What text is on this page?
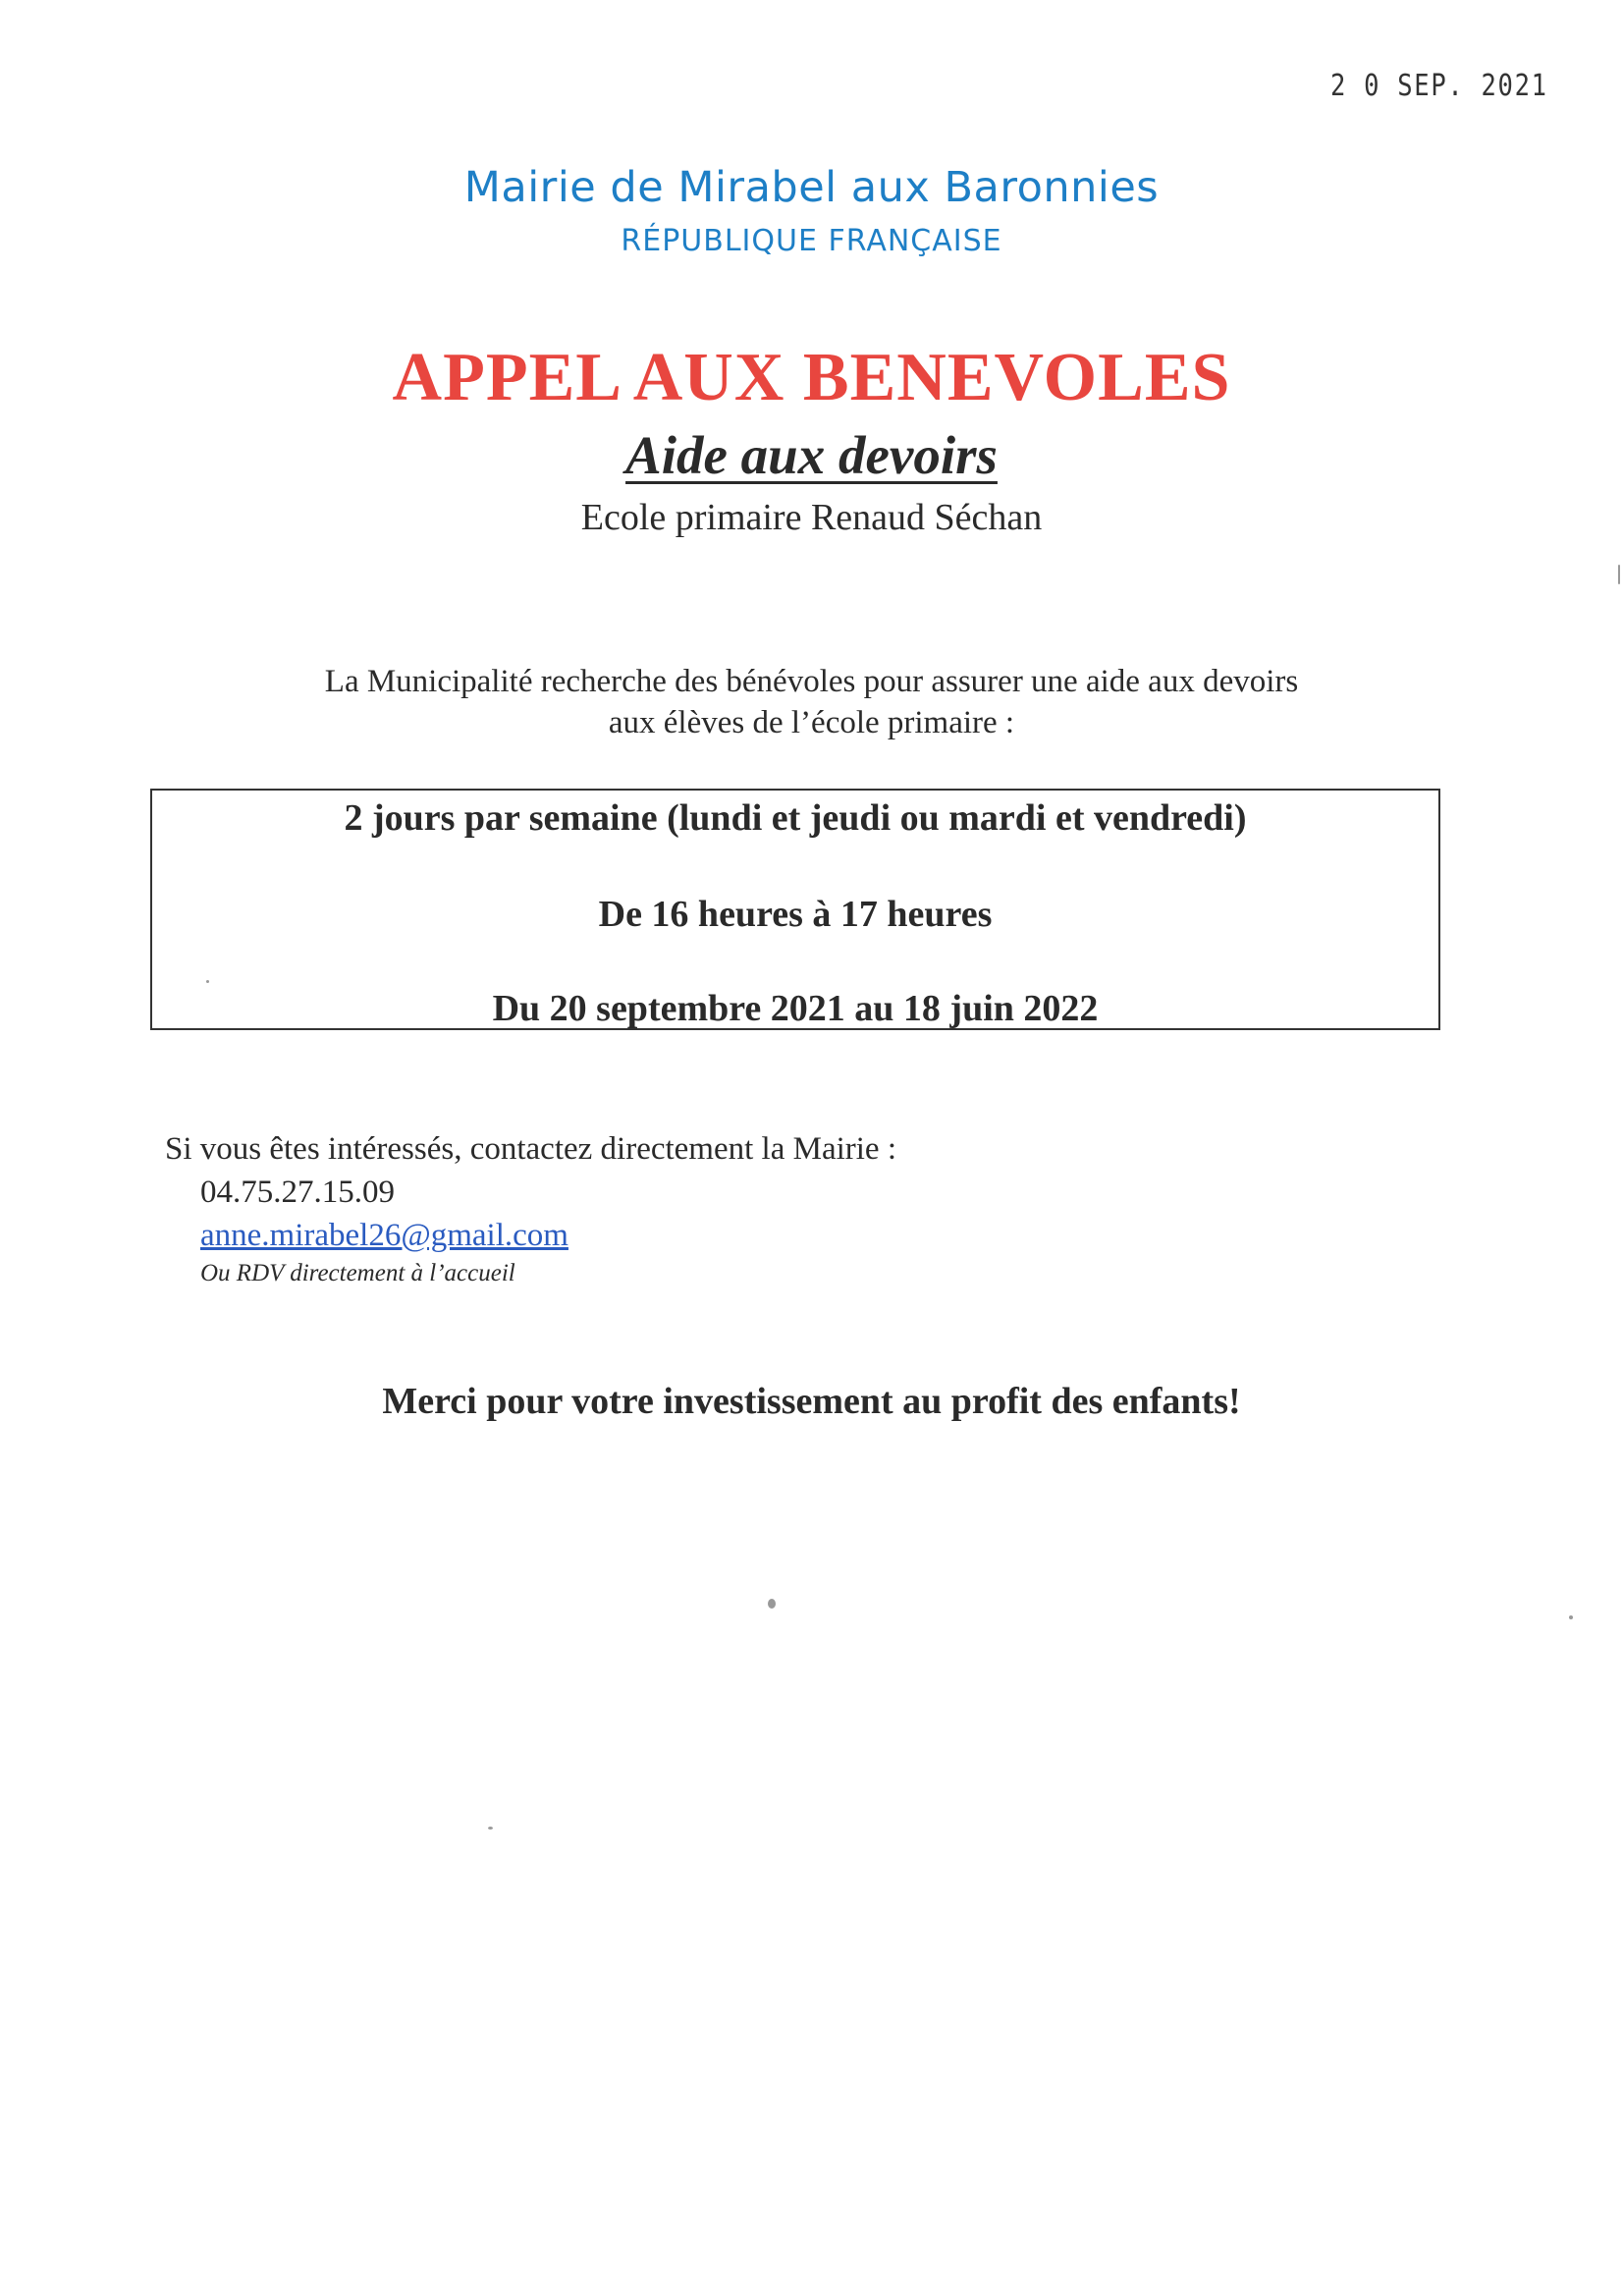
2 0 SEP. 2021
Mairie de Mirabel aux Baronnies
RÉPUBLIQUE FRANÇAISE
APPEL AUX BENEVOLES
Aide aux devoirs
Ecole primaire Renaud Séchan
La Municipalité recherche des bénévoles pour assurer une aide aux devoirs
aux élèves de l’école primaire :
2 jours par semaine (lundi et jeudi ou mardi et vendredi)
De 16 heures à 17 heures
Du 20 septembre 2021 au 18 juin 2022
Si vous êtes intéressés, contactez directement la Mairie :
04.75.27.15.09
anne.mirabel26@gmail.com
Ou RDV directement à l’accueil
Merci pour votre investissement au profit des enfants!
